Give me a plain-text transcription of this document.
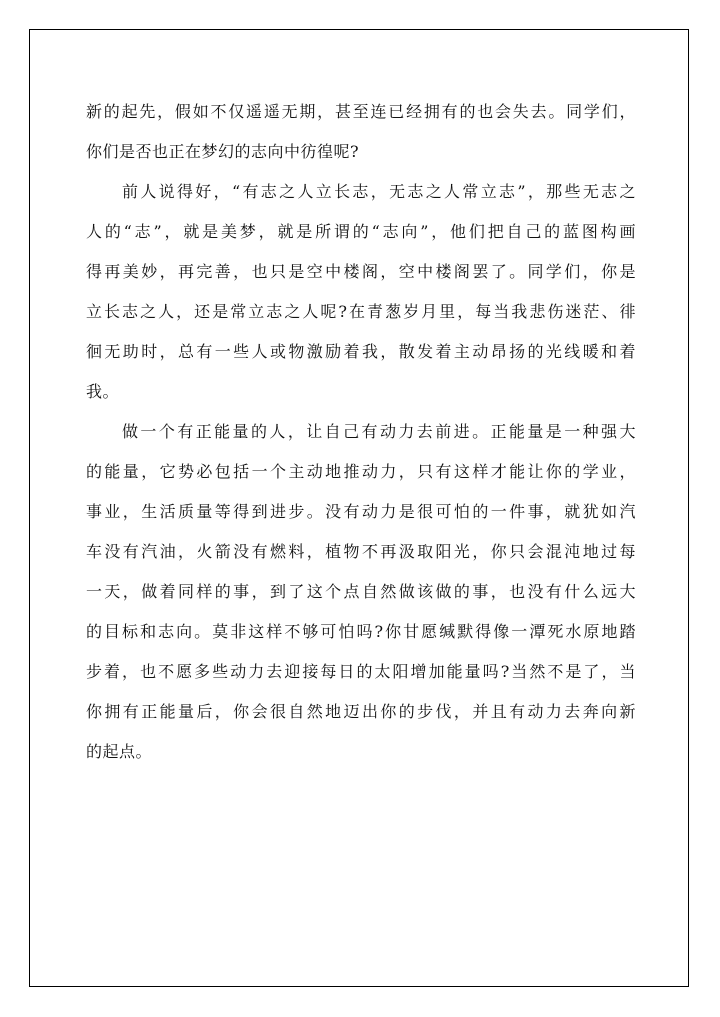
新的起先，假如不仅遥遥无期，甚至连已经拥有的也会失去。同学们，
你们是否也正在梦幻的志向中彷徨呢?
前人说得好，“有志之人立长志，无志之人常立志”，那些无志之
人的“志”，就是美梦，就是所谓的“志向”，他们把自己的蓝图构画
得再美妙，再完善，也只是空中楼阁，空中楼阁罢了。同学们，你是
立长志之人，还是常立志之人呢?在青葱岁月里，每当我悲伤迷茫、徘
徊无助时，总有一些人或物激励着我，散发着主动昂扬的光线暖和着
我。
做一个有正能量的人，让自己有动力去前进。正能量是一种强大
的能量，它势必包括一个主动地推动力，只有这样才能让你的学业，
事业，生活质量等得到进步。没有动力是很可怕的一件事，就犹如汽
车没有汽油，火箭没有燃料，植物不再汲取阳光，你只会混沌地过每
一天，做着同样的事，到了这个点自然做该做的事，也没有什么远大
的目标和志向。莫非这样不够可怕吗?你甘愿缄默得像一潭死水原地踏
步着，也不愿多些动力去迎接每日的太阳增加能量吗?当然不是了，当
你拥有正能量后，你会很自然地迈出你的步伐，并且有动力去奔向新
的起点。
